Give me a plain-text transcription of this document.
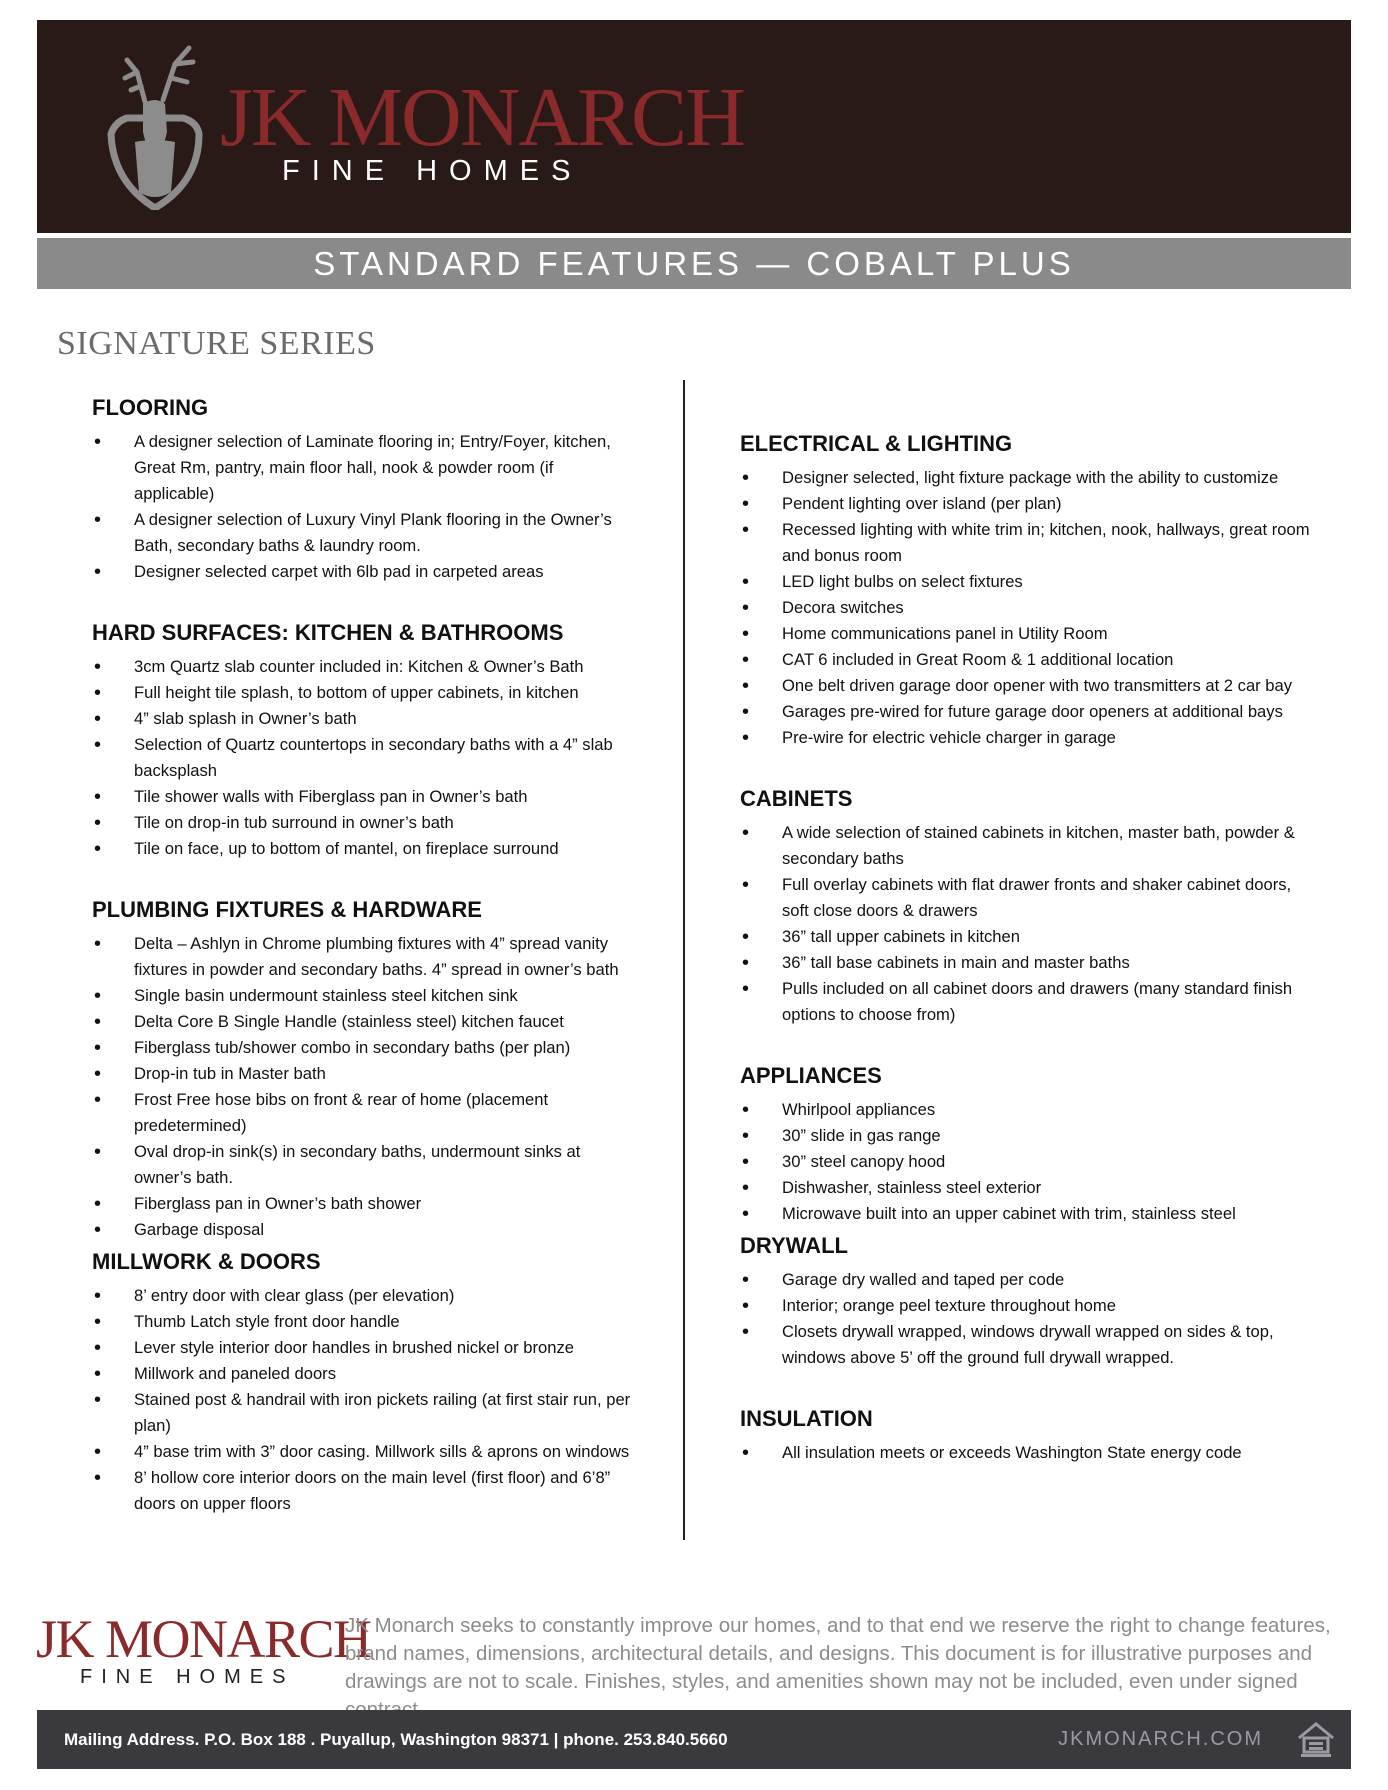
JK MONARCH
FINE HOMES
STANDARD FEATURES — COBALT PLUS
SIGNATURE SERIES
FLOORING
• A designer selection of Laminate flooring in; Entry/Foyer, kitchen, Great Rm, pantry, main floor hall, nook & powder room (if applicable)
• A designer selection of Luxury Vinyl Plank flooring in the Owner’s Bath, secondary baths & laundry room.
• Designer selected carpet with 6lb pad in carpeted areas
HARD SURFACES: KITCHEN & BATHROOMS
• 3cm Quartz slab counter included in: Kitchen & Owner’s Bath
• Full height tile splash, to bottom of upper cabinets, in kitchen
• 4” slab splash in Owner’s bath
• Selection of Quartz countertops in secondary baths with a 4” slab backsplash
• Tile shower walls with Fiberglass pan in Owner’s bath
• Tile on drop-in tub surround in owner’s bath
• Tile on face, up to bottom of mantel, on fireplace surround
PLUMBING FIXTURES & HARDWARE
• Delta – Ashlyn in Chrome plumbing fixtures with 4” spread vanity fixtures in powder and secondary baths. 4” spread in owner’s bath
• Single basin undermount stainless steel kitchen sink
• Delta Core B Single Handle (stainless steel) kitchen faucet
• Fiberglass tub/shower combo in secondary baths (per plan)
• Drop-in tub in Master bath
• Frost Free hose bibs on front & rear of home (placement predetermined)
• Oval drop-in sink(s) in secondary baths, undermount sinks at owner’s bath.
• Fiberglass pan in Owner’s bath shower
• Garbage disposal
MILLWORK & DOORS
• 8’ entry door with clear glass (per elevation)
• Thumb Latch style front door handle
• Lever style interior door handles in brushed nickel or bronze
• Millwork and paneled doors
• Stained post & handrail with iron pickets railing (at first stair run, per plan)
• 4” base trim with 3” door casing. Millwork sills & aprons on windows
• 8’ hollow core interior doors on the main level (first floor) and 6’8” doors on upper floors
ELECTRICAL & LIGHTING
• Designer selected, light fixture package with the ability to customize
• Pendent lighting over island (per plan)
• Recessed lighting with white trim in; kitchen, nook, hallways, great room and bonus room
• LED light bulbs on select fixtures
• Decora switches
• Home communications panel in Utility Room
• CAT 6 included in Great Room & 1 additional location
• One belt driven garage door opener with two transmitters at 2 car bay
• Garages pre-wired for future garage door openers at additional bays
• Pre-wire for electric vehicle charger in garage
CABINETS
• A wide selection of stained cabinets in kitchen, master bath, powder & secondary baths
• Full overlay cabinets with flat drawer fronts and shaker cabinet doors, soft close doors & drawers
• 36” tall upper cabinets in kitchen
• 36” tall base cabinets in main and master baths
• Pulls included on all cabinet doors and drawers (many standard finish options to choose from)
APPLIANCES
• Whirlpool appliances
• 30” slide in gas range
• 30” steel canopy hood
• Dishwasher, stainless steel exterior
• Microwave built into an upper cabinet with trim, stainless steel
DRYWALL
• Garage dry walled and taped per code
• Interior; orange peel texture throughout home
• Closets drywall wrapped, windows drywall wrapped on sides & top, windows above 5’ off the ground full drywall wrapped.
INSULATION
• All insulation meets or exceeds Washington State energy code
JK MONARCH
FINE HOMES
JK Monarch seeks to constantly improve our homes, and to that end we reserve the right to change features, brand names, dimensions, architectural details, and designs. This document is for illustrative purposes and drawings are not to scale. Finishes, styles, and amenities shown may not be included, even under signed
Mailing Address. P.O. Box 188 . Puyallup, Washington 98371 | phone. 253.840.5660	JKMONARCH.COM
